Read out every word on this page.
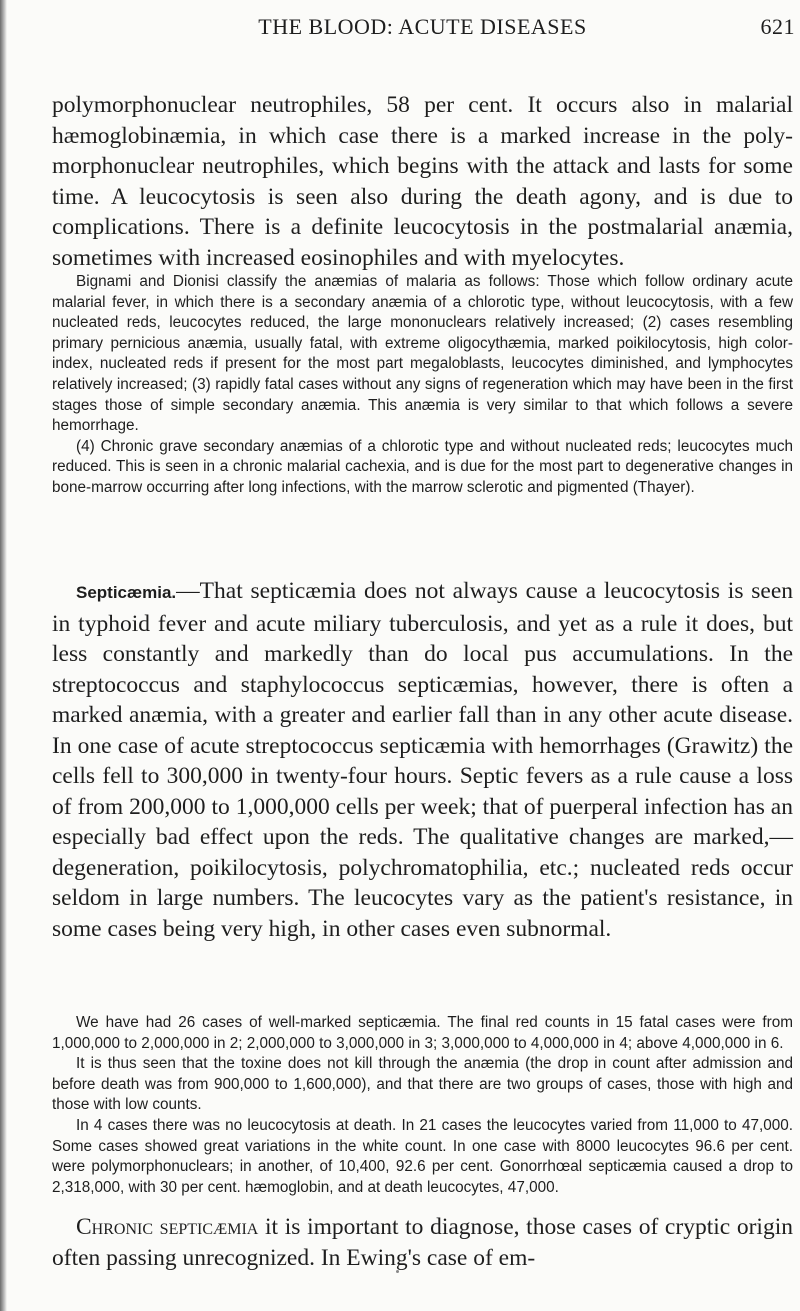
THE BLOOD: ACUTE DISEASES	621

polymorphonuclear neutrophiles, 58 per cent. It occurs also in malarial hæmoglobinæmia, in which case there is a marked increase in the polymorphonuclear neutrophiles, which begins with the attack and lasts for some time. A leucocytosis is seen also during the death agony, and is due to complications. There is a definite leucocytosis in the postmalarial anæmia, sometimes with increased eosinophiles and with myelocytes.

Bignami and Dionisi classify the anæmias of malaria as follows: Those which follow ordinary acute malarial fever, in which there is a secondary anæmia of a chlorotic type, without leucocytosis, with a few nucleated reds, leucocytes reduced, the large mononuclears relatively increased; (2) cases resembling primary pernicious anæmia, usually fatal, with extreme oligocythæmia, marked poikilocytosis, high color-index, nucleated reds if present for the most part megaloblasts, leucocytes diminished, and lymphocytes relatively increased; (3) rapidly fatal cases without any signs of regeneration which may have been in the first stages those of simple secondary anæmia. This anæmia is very similar to that which follows a severe hemorrhage.

(4) Chronic grave secondary anæmias of a chlorotic type and without nucleated reds; leucocytes much reduced. This is seen in a chronic malarial cachexia, and is due for the most part to degenerative changes in bone-marrow occurring after long infections, with the marrow sclerotic and pigmented (Thayer).

Septicæmia.—That septicæmia does not always cause a leucocytosis is seen in typhoid fever and acute miliary tuberculosis, and yet as a rule it does, but less constantly and markedly than do local pus accumulations. In the streptococcus and staphylococcus septicæmias, however, there is often a marked anæmia, with a greater and earlier fall than in any other acute disease. In one case of acute streptococcus septicæmia with hemorrhages (Grawitz) the cells fell to 300,000 in twenty-four hours. Septic fevers as a rule cause a loss of from 200,000 to 1,000,000 cells per week; that of puerperal infection has an especially bad effect upon the reds. The qualitative changes are marked,—degeneration, poikilocytosis, polychromatophilia, etc.; nucleated reds occur seldom in large numbers. The leucocytes vary as the patient's resistance, in some cases being very high, in other cases even subnormal.

We have had 26 cases of well-marked septicæmia. The final red counts in 15 fatal cases were from 1,000,000 to 2,000,000 in 2; 2,000,000 to 3,000,000 in 3; 3,000,000 to 4,000,000 in 4; above 4,000,000 in 6.

It is thus seen that the toxine does not kill through the anæmia (the drop in count after admission and before death was from 900,000 to 1,600,000), and that there are two groups of cases, those with high and those with low counts.

In 4 cases there was no leucocytosis at death. In 21 cases the leucocytes varied from 11,000 to 47,000. Some cases showed great variations in the white count. In one case with 8000 leucocytes 96.6 per cent. were polymorphonuclears; in another, of 10,400, 92.6 per cent. Gonorrhœal septicæmia caused a drop to 2,318,000, with 30 per cent. hæmoglobin, and at death leucocytes, 47,000.

Chronic septicæmia it is important to diagnose, those cases of cryptic origin often passing unrecognized. In Ewing's case of em-
